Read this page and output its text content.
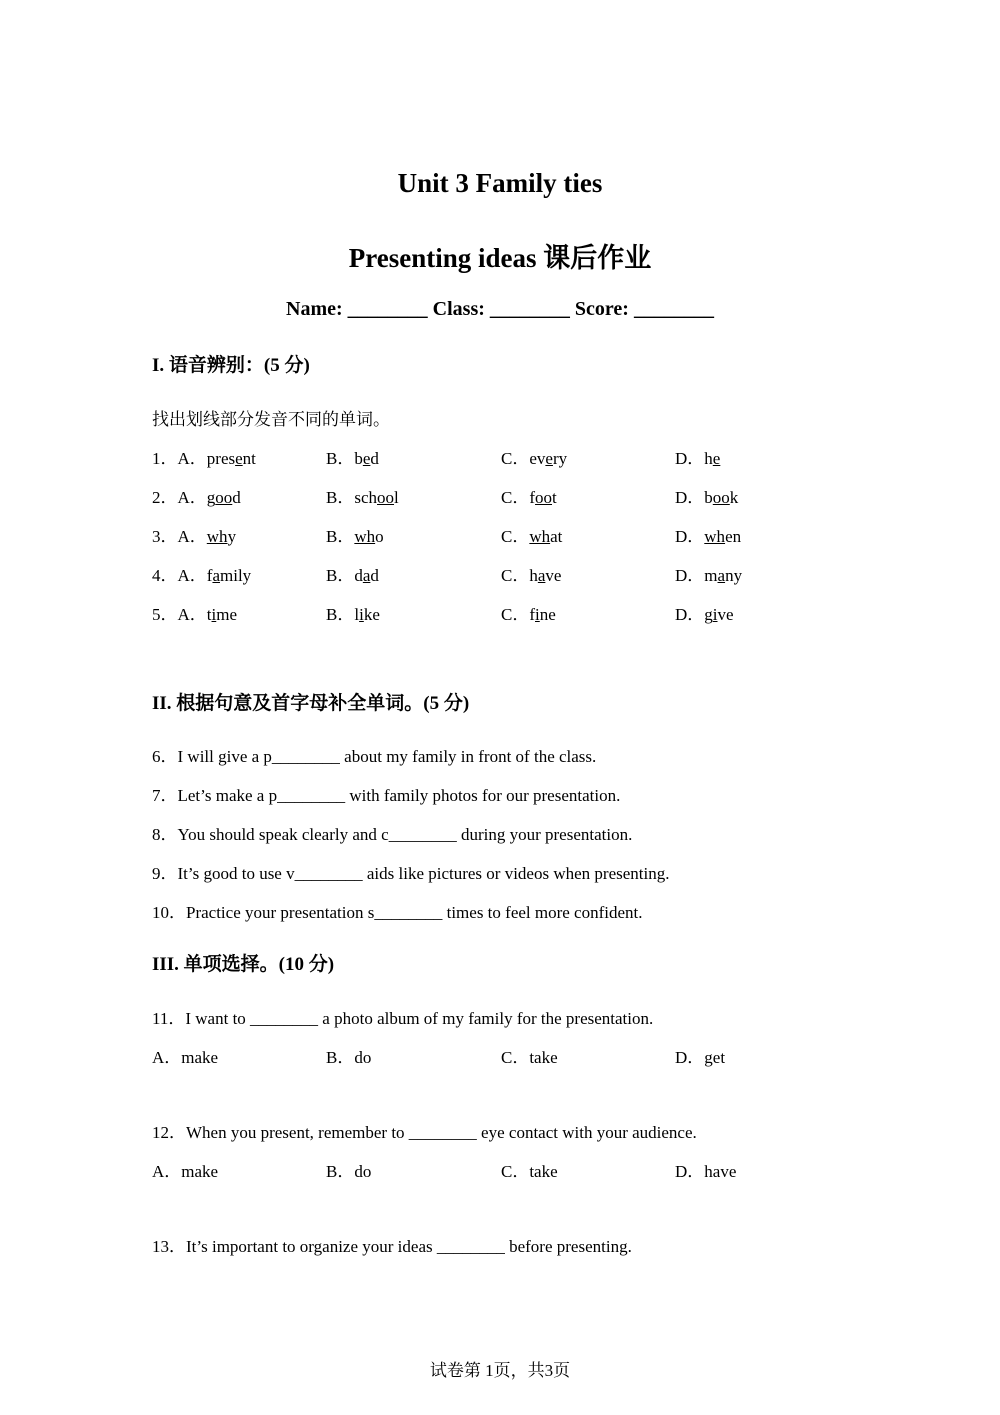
Unit 3 Family ties
Presenting ideas 课后作业
Name: ________ Class: ________ Score: ________
I. 语音辨别：(5 分)
找出划线部分发音不同的单词。
1．A．present	B．bed	C．every	D．he
2．A．good	B．school	C．foot	D．book
3．A．why	B．who	C．what	D．when
4．A．family	B．dad	C．have	D．many
5．A．time	B．like	C．fine	D．give
II. 根据句意及首字母补全单词。(5 分)
6．I will give a p________ about my family in front of the class.
7．Let’s make a p________ with family photos for our presentation.
8．You should speak clearly and c________ during your presentation.
9．It’s good to use v________ aids like pictures or videos when presenting.
10．Practice your presentation s________ times to feel more confident.
III. 单项选择。(10 分)
11．I want to ________ a photo album of my family for the presentation.
A．make	B．do	C．take	D．get
12．When you present, remember to ________ eye contact with your audience.
A．make	B．do	C．take	D．have
13．It’s important to organize your ideas ________ before presenting.
试卷第 1页，共3页
